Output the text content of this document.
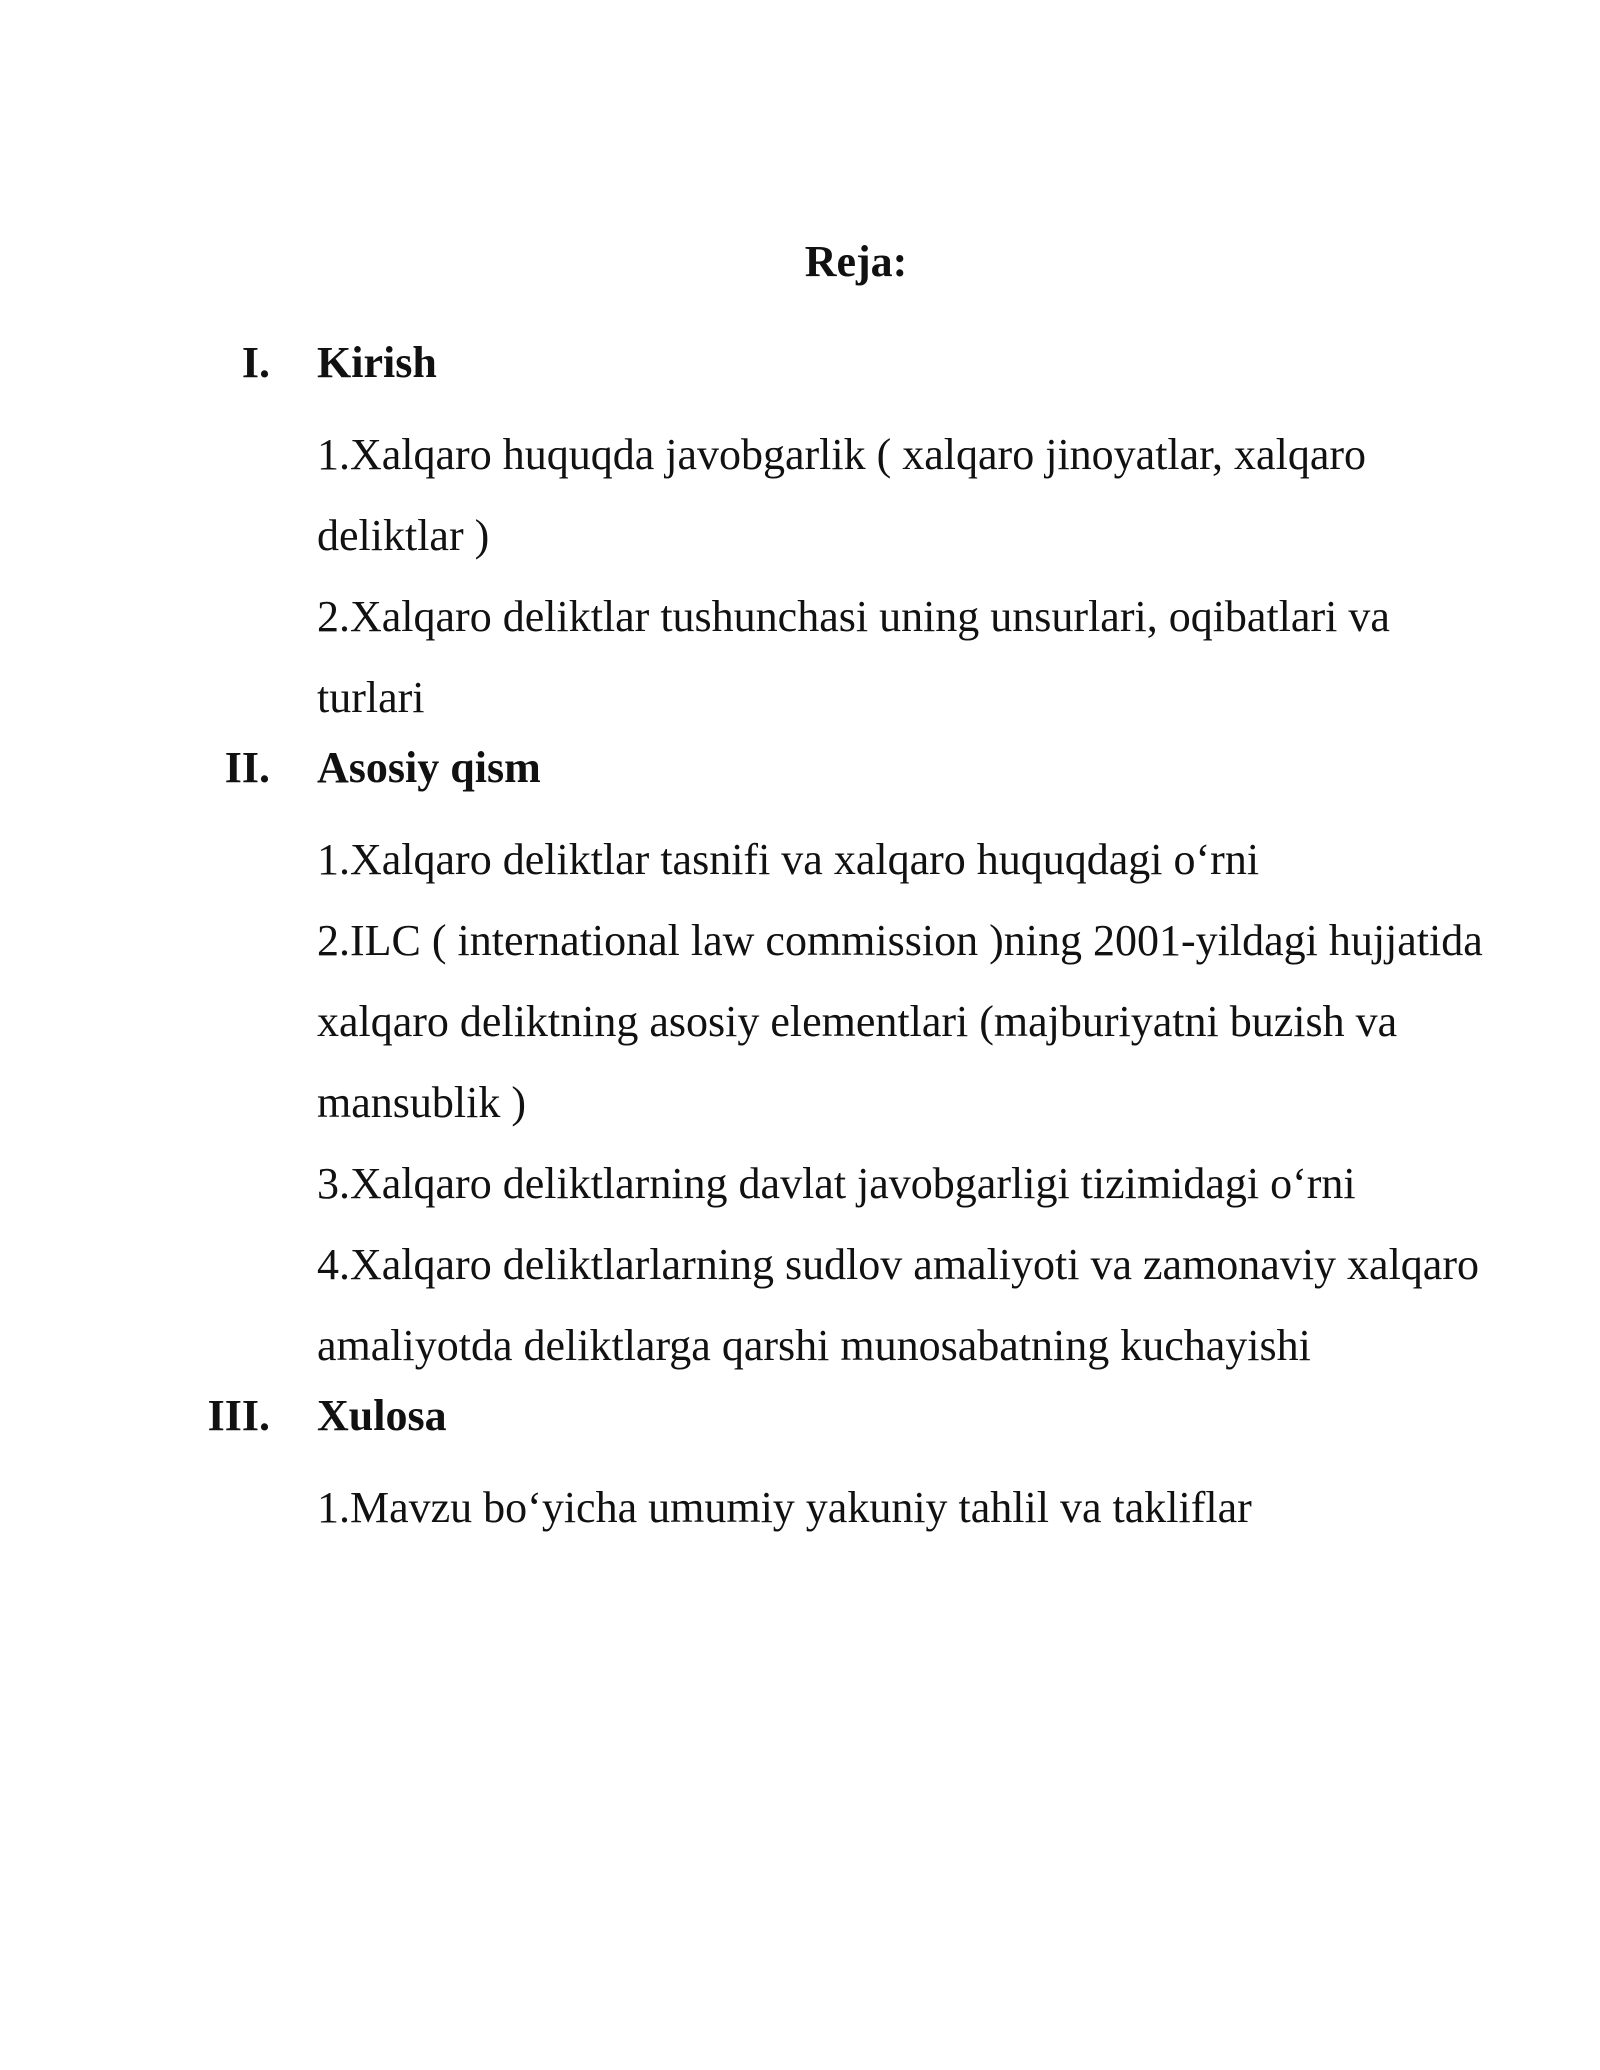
Reja:
I. Kirish
1.Xalqaro huquqda javobgarlik ( xalqaro jinoyatlar, xalqaro deliktlar )
2.Xalqaro deliktlar tushunchasi uning unsurlari, oqibatlari va turlari
II. Asosiy qism
1.Xalqaro deliktlar tasnifi va xalqaro huquqdagi o‘rni
2.ILC ( international law commission )ning 2001-yildagi hujjatida xalqaro deliktning asosiy elementlari (majburiyatni buzish va mansublik )
3.Xalqaro deliktlarning davlat javobgarligi tizimidagi o‘rni
4.Xalqaro deliktlarlarning sudlov amaliyoti va zamonaviy xalqaro amaliyotda deliktlarga qarshi munosabatning kuchayishi
III. Xulosa
1.Mavzu bo‘yicha umumiy yakuniy tahlil va takliflar
